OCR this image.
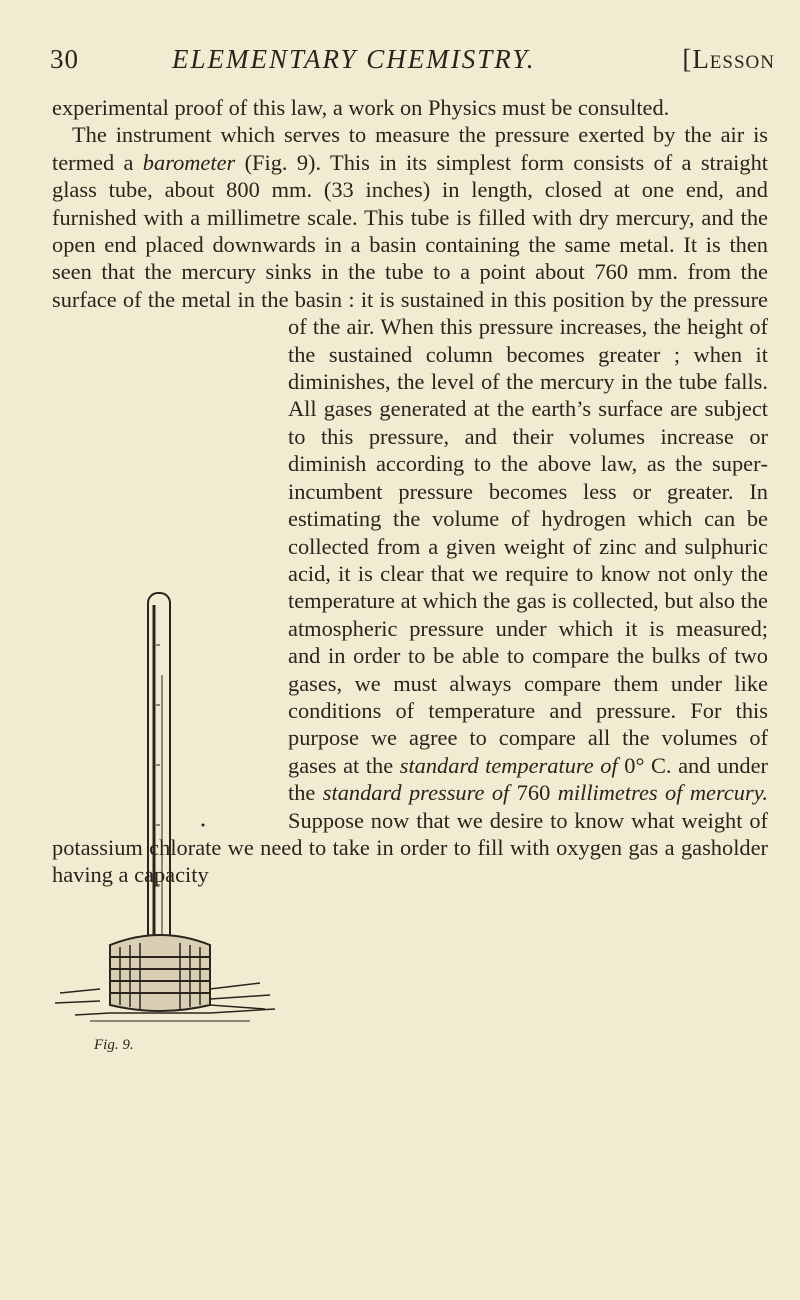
30	ELEMENTARY CHEMISTRY.	[Lesson

experimental proof of this law, a work on Physics must be consulted.

The instrument which serves to measure the pressure exerted by the air is termed a barometer (Fig. 9). This in its simplest form consists of a straight glass tube, about 800 mm. (33 inches) in length, closed at one end, and furnished with a millimetre scale. This tube is filled with dry mercury, and the open end placed downwards in a basin containing the same metal. It is then seen that the mercury sinks in the tube to a point about 760 mm. from the surface of the metal in the basin : it is sustained in this position by the pressure of the air. When this pressure increases, the height of the sustained column becomes greater ; when it diminishes, the level of the mercury in the tube falls. All gases generated at the earth’s surface are subject to this pressure, and their volumes increase or diminish according to the above law, as the superincumbent pressure becomes less or greater. In estimating the volume of hydrogen which can be collected from a given weight of zinc and sulphuric acid, it is clear that we require to know not only the temperature at which the gas is collected, but also the atmospheric pressure under which it is measured; and in order to be able to compare the bulks of two gases, we must always compare them under like conditions of temperature and pressure. For this purpose we agree to compare all the volumes of gases at the standard temperature of 0° C. and under the standard pressure of 760 millimetres of mercury. Suppose now that we desire to know what weight of potassium chlorate we need to take in order to fill with oxygen gas a gasholder having a capacity

Fig. 9.
